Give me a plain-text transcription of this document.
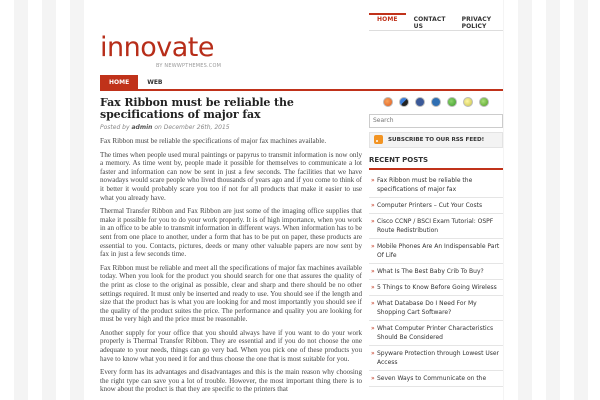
HOME	CONTACT US
PRIVACY POLICY
innovate
BY NEWWPTHEMES.COM
HOME	WEB
Fax Ribbon must be reliable the specifications of major fax
Posted by admin on December 26th, 2015

Fax Ribbon must be reliable the specifications of major fax machines available.

The times when people used mural paintings or papyrus to transmit information is now only a memory. As time went by, people made it possible for themselves to communicate a lot faster and information can now be sent in just a few seconds. The facilities that we have nowadays would scare people who lived thousands of years ago and if you come to think of it better it would probably scare you too if not for all products that make it easier to use what you already have.

Thermal Transfer Ribbon and Fax Ribbon are just some of the imaging office supplies that make it possible for you to do your work properly. It is of high importance, when you work in an office to be able to transmit information in different ways. When information has to be sent from one place to another, under a form that has to be put on paper, these products are essential to you. Contacts, pictures, deeds or many other valuable papers are now sent by fax in just a few seconds time.

Fax Ribbon must be reliable and meet all the specifications of major fax machines available today. When you look for the product you should search for one that assures the quality of the print as close to the original as possible, clear and sharp and there should be no other settings required. It must only be inserted and ready to use. You should see if the length and size that the product has is what you are looking for and most importantly you should see if the quality of the product suites the price. The performance and quality you are looking for must be very high and the price must be reasonable.

Another supply for your office that you should always have if you want to do your work properly is Thermal Transfer Ribbon. They are essential and if you do not choose the one adequate to your needs, things can go very bad. When you pick one of these products you have to know what you need it for and thus choose the one that is most suitable for you.

Every form has its advantages and disadvantages and this is the main reason why choosing the right type can save you a lot of trouble. However, the most important thing there is to know about the product is that they are specific to the printers that

Search
SUBSCRIBE TO OUR RSS FEED!
RECENT POSTS
» Fax Ribbon must be reliable the specifications of major fax
» Computer Printers – Cut Your Costs
» Cisco CCNP / BSCI Exam Tutorial: OSPF Route Redistribution
» Mobile Phones Are An Indispensable Part Of Life
» What Is The Best Baby Crib To Buy?
» 5 Things to Know Before Going Wireless
» What Database Do I Need For My Shopping Cart Software?
» What Computer Printer Characteristics Should Be Considered
» Spyware Protection through Lowest User Access
» Seven Ways to Communicate on the
